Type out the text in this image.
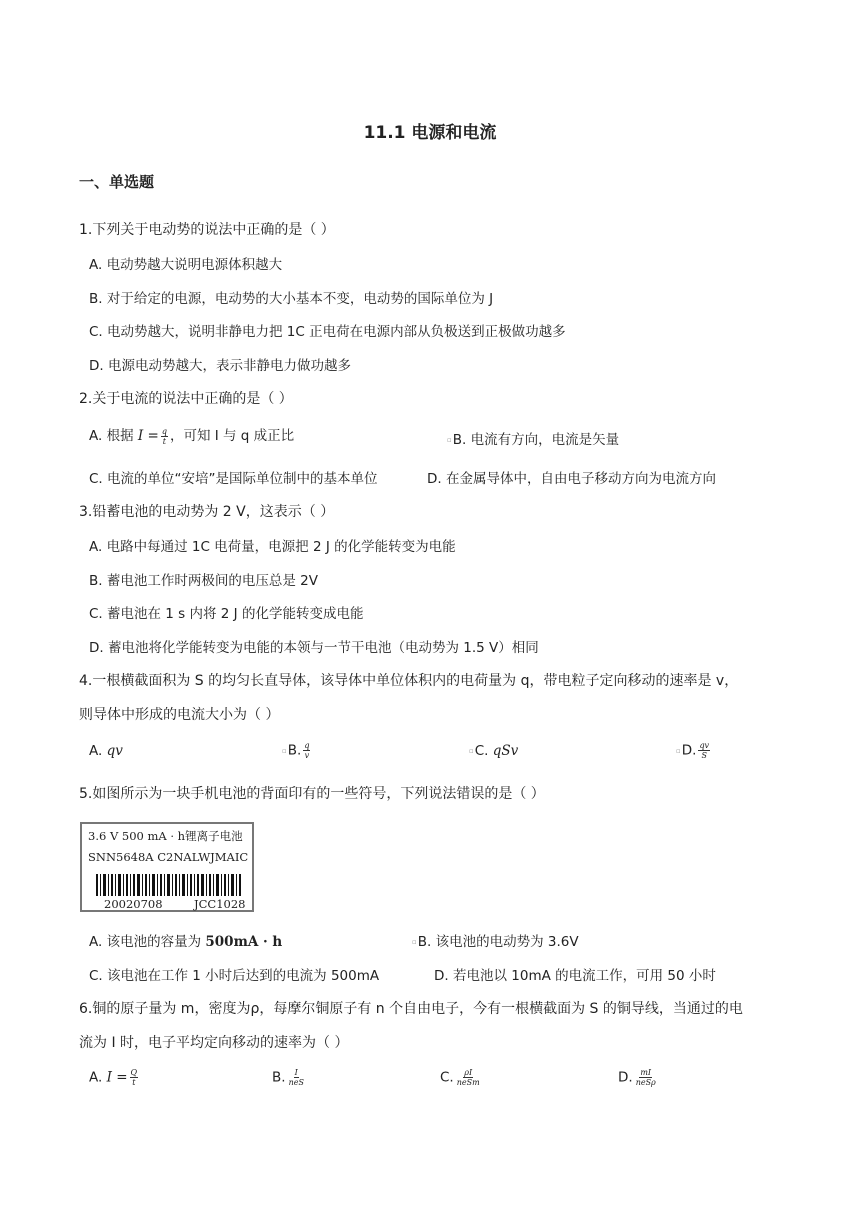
11.1 电源和电流
一、单选题
1.下列关于电动势的说法中正确的是（ ）
A. 电动势越大说明电源体积越大
B. 对于给定的电源，电动势的大小基本不变，电动势的国际单位为 J
C. 电动势越大，说明非静电力把 1C 正电荷在电源内部从负极送到正极做功越多
D. 电源电动势越大，表示非静电力做功越多
2.关于电流的说法中正确的是（ ）
A. 根据 $I = \frac{q}{t}$ ，可知 I 与 q 成正比	▫B. 电流有方向，电流是矢量
C. 电流的单位“安培”是国际单位制中的基本单位	D. 在金属导体中，自由电子移动方向为电流方向
3.铅蓄电池的电动势为 2 V，这表示（ ）
A. 电路中每通过 1C 电荷量，电源把 2 J 的化学能转变为电能
B. 蓄电池工作时两极间的电压总是 2V
C. 蓄电池在 1 s 内将 2 J 的化学能转变成电能
D. 蓄电池将化学能转变为电能的本领与一节干电池（电动势为 1.5 V）相同
4.一根横截面积为 S 的均匀长直导体，该导体中单位体积内的电荷量为 q，带电粒子定向移动的速率是 v，
则导体中形成的电流大小为（ ）
A. qv	▫B. $\frac{q}{v}$	▫C. qSv	▫D. $\frac{qv}{S}$
5.如图所示为一块手机电池的背面印有的一些符号，下列说法错误的是（ ）
3.6 V 500 mA · h锂离子电池
SNN5648A C2NALWJMAIC
20020708	JCC1028
A. 该电池的容量为 500mA · h	▫B. 该电池的电动势为 3.6V
C. 该电池在工作 1 小时后达到的电流为 500mA	D. 若电池以 10mA 的电流工作，可用 50 小时
6.铜的原子量为 m，密度为ρ，每摩尔铜原子有 n 个自由电子，今有一根横截面为 S 的铜导线，当通过的电
流为 I 时，电子平均定向移动的速率为（ ）
A. $I = \frac{Q}{t}$	B. $\frac{I}{\text{neS}}$	C. $\frac{\rho I}{\text{neSm}}$	D. $\frac{mI}{\text{neSρ}}$
